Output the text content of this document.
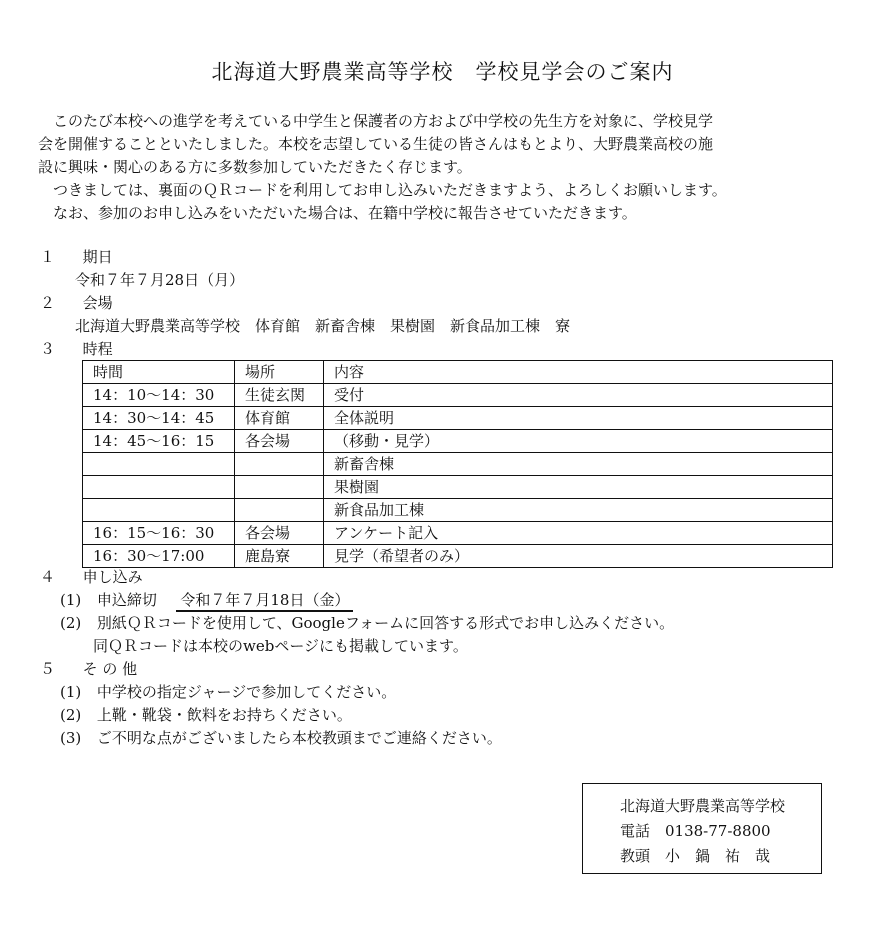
北海道大野農業高等学校　学校見学会のご案内
　このたび本校への進学を考えている中学生と保護者の方および中学校の先生方を対象に、学校見学
会を開催することといたしました。本校を志望している生徒の皆さんはもとより、大野農業高校の施
設に興味・関心のある方に多数参加していただきたく存じます。
　つきましては、裏面のＱＲコードを利用してお申し込みいただきますよう、よろしくお願いします。
　なお、参加のお申し込みをいただいた場合は、在籍中学校に報告させていただきます。
１ 期日
令和７年７月28日（月）
２ 会場
北海道大野農業高等学校　体育館　新畜舎棟　果樹園　新食品加工棟　寮
３ 時程
時間	場所	内容
14：10〜14：30	生徒玄関	受付
14：30〜14：45	体育館	全体説明
14：45〜16：15	各会場	（移動・見学）
		新畜舎棟
		果樹園
		新食品加工棟
16：15〜16：30	各会場	アンケート記入
16：30〜17:00	鹿島寮	見学（希望者のみ）
４ 申し込み
(1) 申込締切 令和７年７月18日（金）
(2) 別紙ＱＲコードを使用して、Googleフォームに回答する形式でお申し込みください。
同ＱＲコードは本校のwebページにも掲載しています。
５ そ の 他
(1) 中学校の指定ジャージで参加してください。
(2) 上靴・靴袋・飲料をお持ちください。
(3) ご不明な点がございましたら本校教頭までご連絡ください。
北海道大野農業高等学校
電話　0138-77-8800
教頭　小　鍋　祐　哉
